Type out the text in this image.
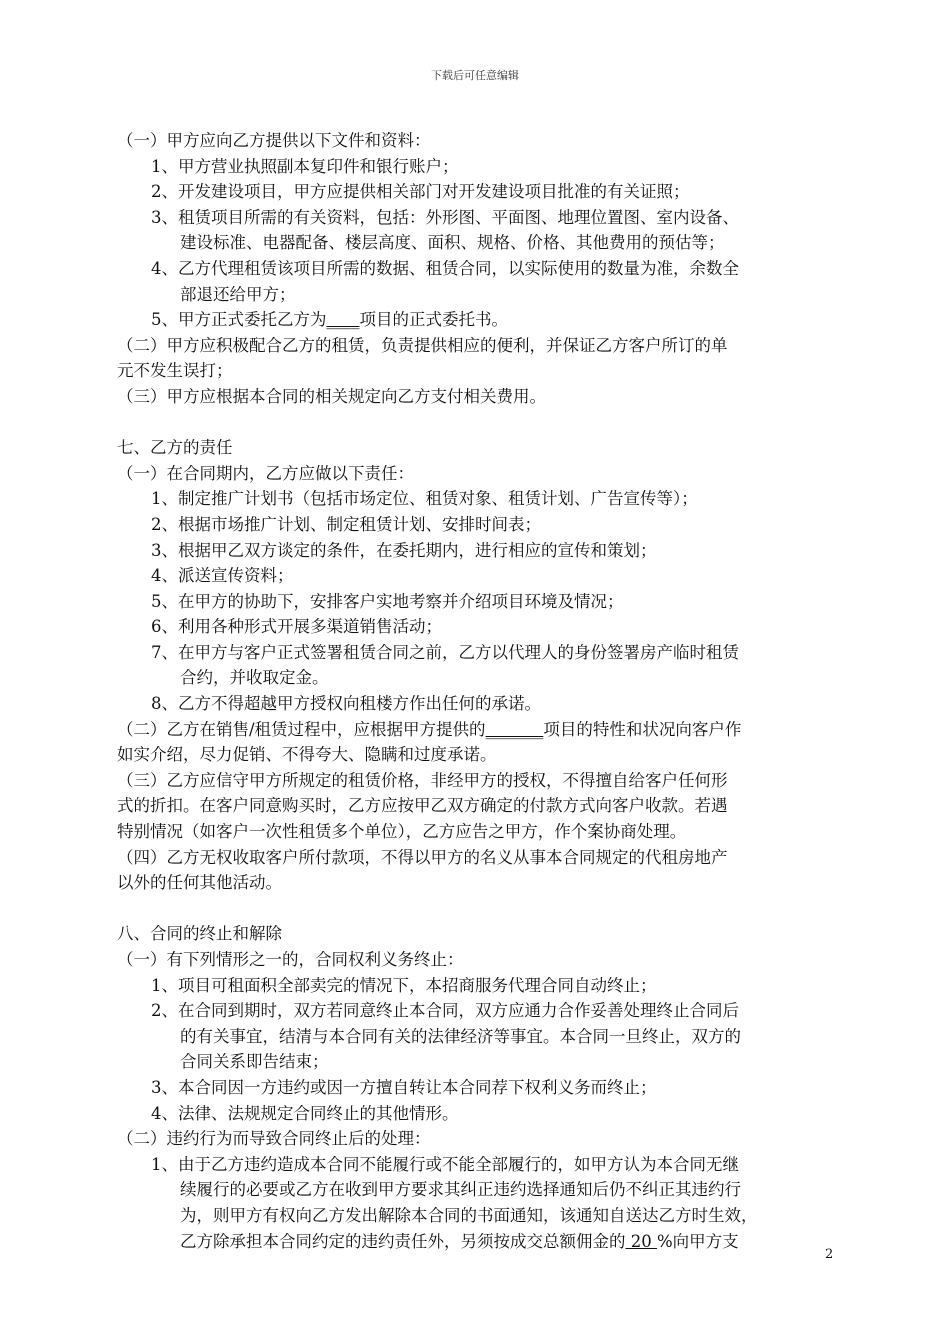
下载后可任意编辑
（一）甲方应向乙方提供以下文件和资料：
1、甲方营业执照副本复印件和银行账户；
2、开发建设项目，甲方应提供相关部门对开发建设项目批准的有关证照；
3、租赁项目所需的有关资料，包括：外形图、平面图、地理位置图、室内设备、
建设标准、电器配备、楼层高度、面积、规格、价格、其他费用的预估等；
4、乙方代理租赁该项目所需的数据、租赁合同，以实际使用的数量为准，余数全
部退还给甲方；
5、甲方正式委托乙方为____项目的正式委托书。
（二）甲方应积极配合乙方的租赁，负责提供相应的便利，并保证乙方客户所订的单
元不发生误打；
（三）甲方应根据本合同的相关规定向乙方支付相关费用。
七、乙方的责任
（一）在合同期内，乙方应做以下责任：
1、制定推广计划书（包括市场定位、租赁对象、租赁计划、广告宣传等）；
2、根据市场推广计划、制定租赁计划、安排时间表；
3、根据甲乙双方谈定的条件，在委托期内，进行相应的宣传和策划；
4、派送宣传资料；
5、在甲方的协助下，安排客户实地考察并介绍项目环境及情况；
6、利用各种形式开展多渠道销售活动；
7、在甲方与客户正式签署租赁合同之前，乙方以代理人的身份签署房产临时租赁
合约，并收取定金。
8、乙方不得超越甲方授权向租楼方作出任何的承诺。
（二）乙方在销售/租赁过程中，应根据甲方提供的_______项目的特性和状况向客户作
如实介绍，尽力促销、不得夸大、隐瞒和过度承诺。
（三）乙方应信守甲方所规定的租赁价格，非经甲方的授权，不得擅自给客户任何形
式的折扣。在客户同意购买时，乙方应按甲乙双方确定的付款方式向客户收款。若遇
特别情况（如客户一次性租赁多个单位），乙方应告之甲方，作个案协商处理。
（四）乙方无权收取客户所付款项，不得以甲方的名义从事本合同规定的代租房地产
以外的任何其他活动。
八、合同的终止和解除
（一）有下列情形之一的，合同权利义务终止：
1、项目可租面积全部卖完的情况下，本招商服务代理合同自动终止；
2、在合同到期时，双方若同意终止本合同，双方应通力合作妥善处理终止合同后
的有关事宜，结清与本合同有关的法律经济等事宜。本合同一旦终止，双方的
合同关系即告结束；
3、本合同因一方违约或因一方擅自转让本合同荐下权利义务而终止；
4、法律、法规规定合同终止的其他情形。
（二）违约行为而导致合同终止后的处理：
1、由于乙方违约造成本合同不能履行或不能全部履行的，如甲方认为本合同无继
续履行的必要或乙方在收到甲方要求其纠正违约选择通知后仍不纠正其违约行
为，则甲方有权向乙方发出解除本合同的书面通知，该通知自送达乙方时生效，
乙方除承担本合同约定的违约责任外，另须按成交总额佣金的 20 %向甲方支
2
